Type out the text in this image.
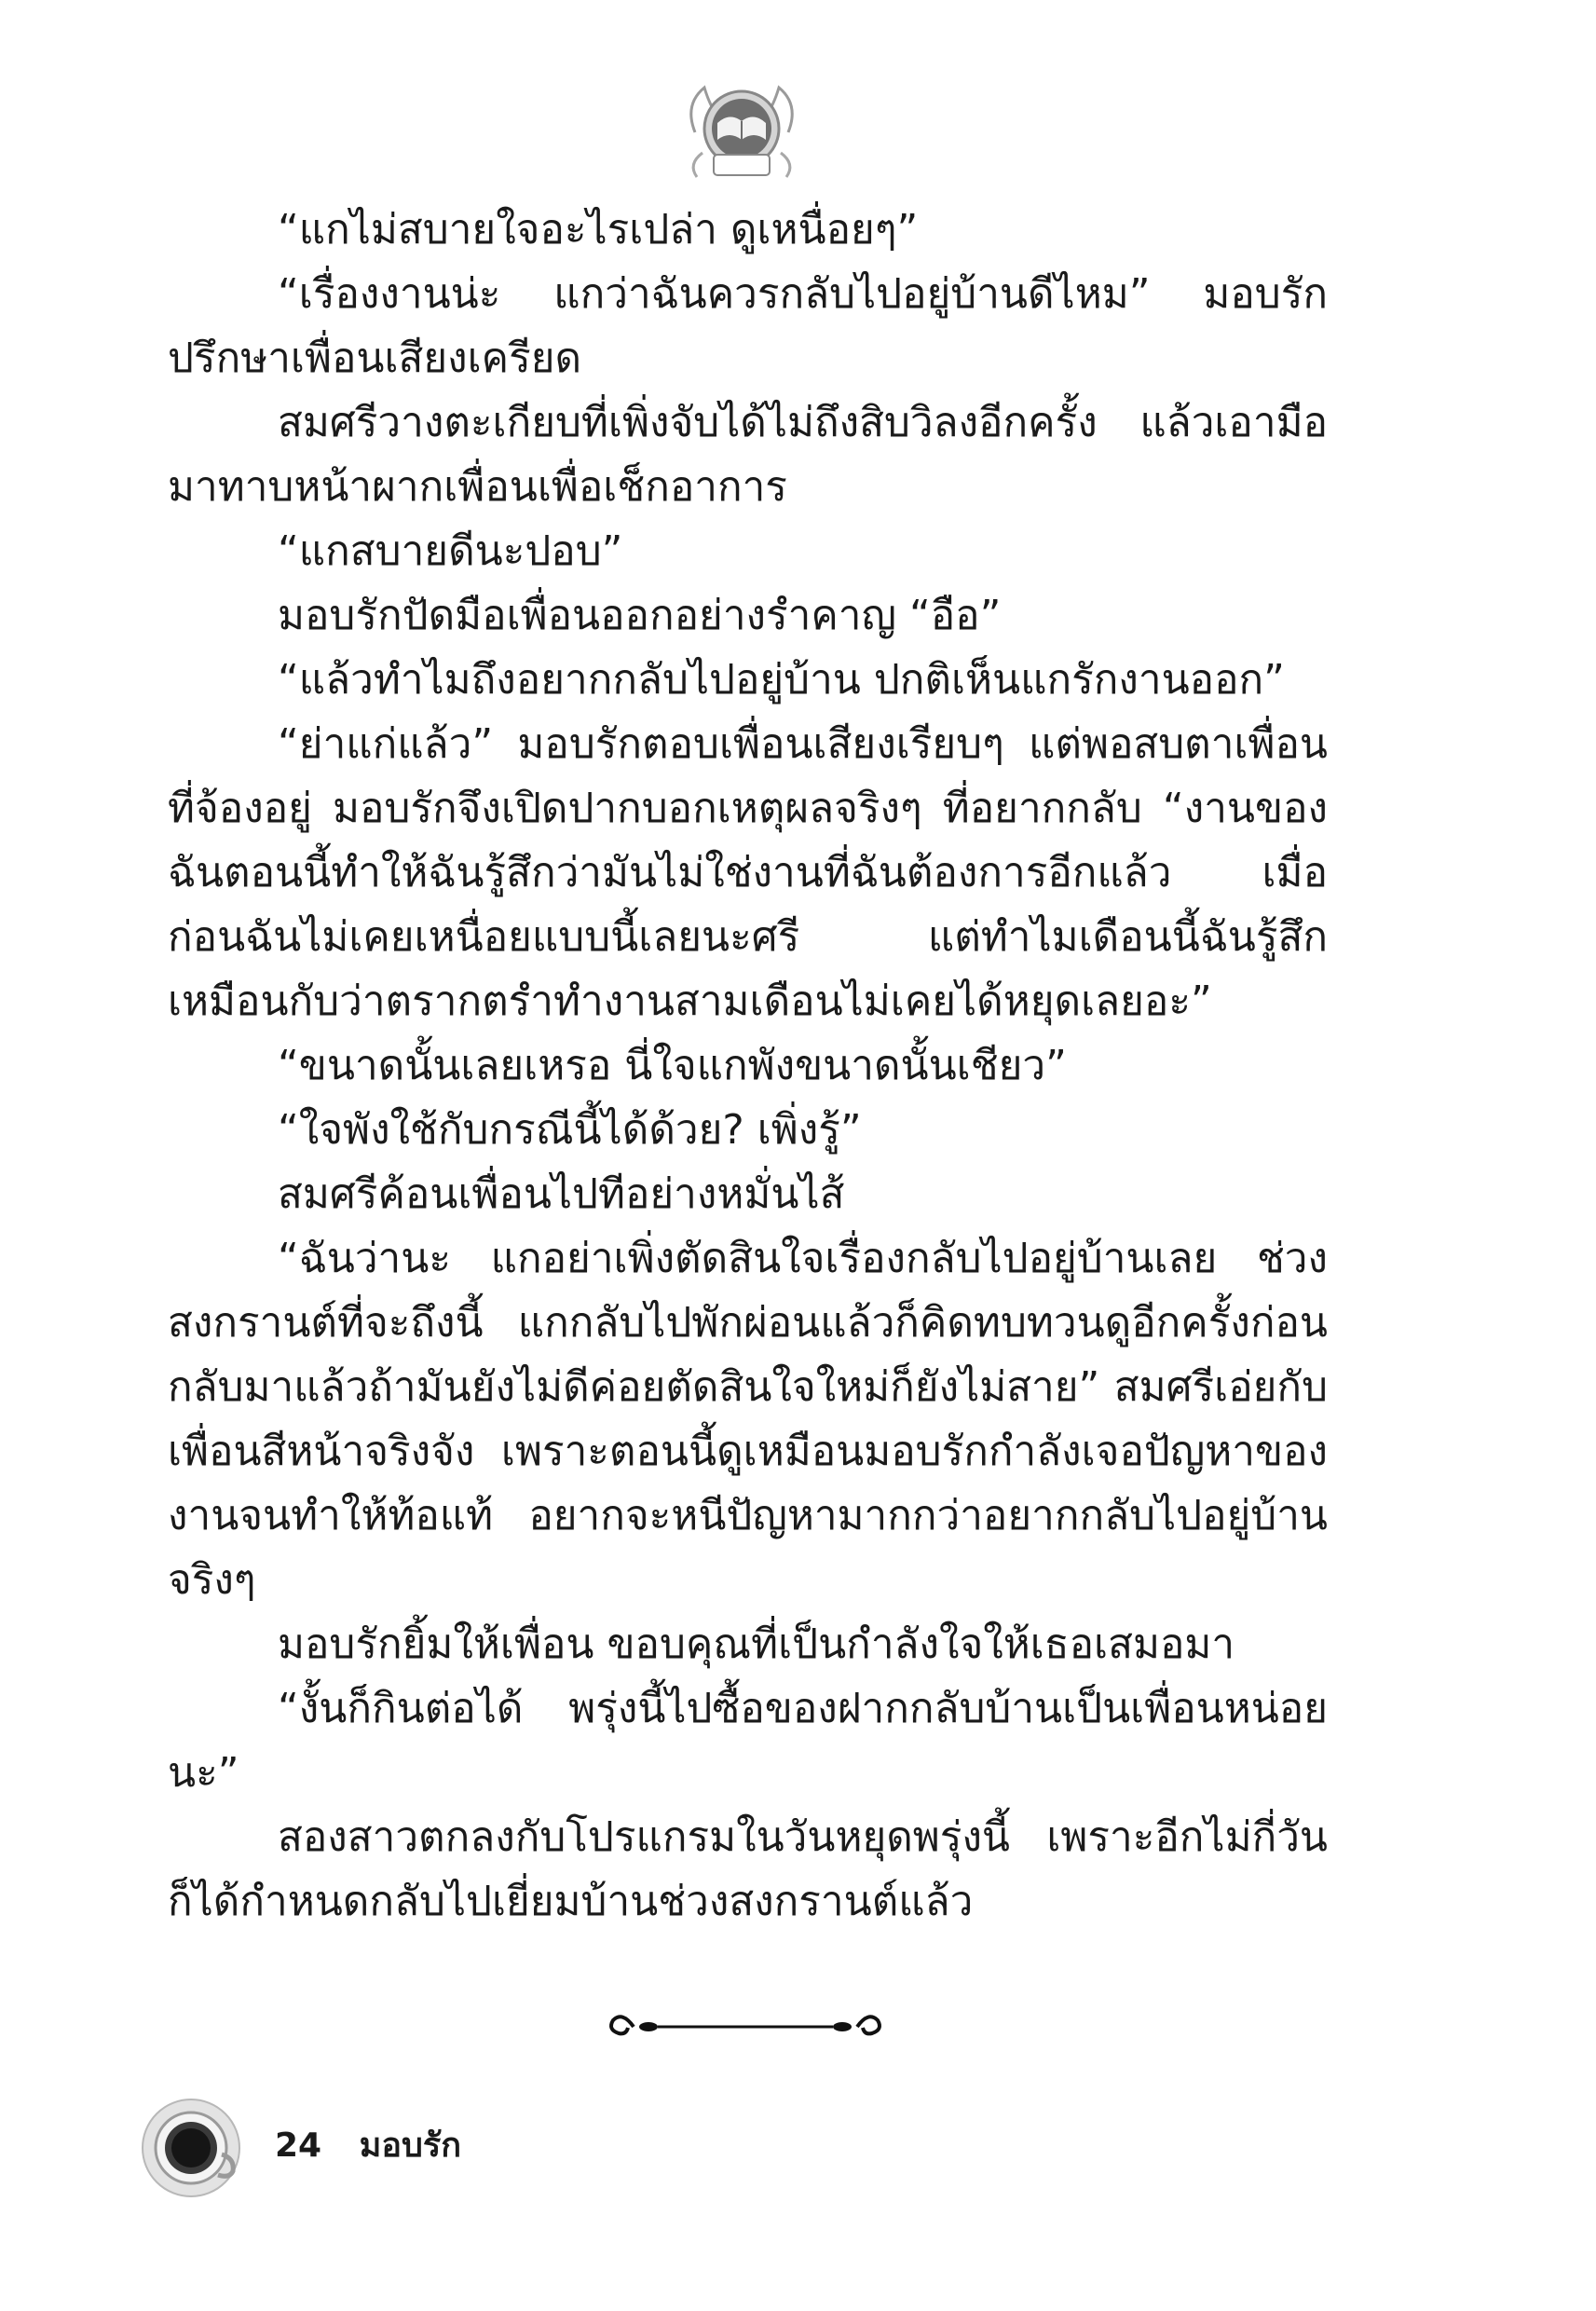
“แกไม่สบายใจอะไรเปล่า ดูเหนื่อยๆ”

“เรื่องงานน่ะ แกว่าฉันควรกลับไปอยู่บ้านดีไหม” มอบรักปรึกษาเพื่อนเสียงเครียด

สมศรีวางตะเกียบที่เพิ่งจับได้ไม่ถึงสิบวิลงอีกครั้ง แล้วเอามือมาทาบหน้าผากเพื่อนเพื่อเช็กอาการ

“แกสบายดีนะปอบ”

มอบรักปัดมือเพื่อนออกอย่างรำคาญ “อือ”

“แล้วทำไมถึงอยากกลับไปอยู่บ้าน ปกติเห็นแกรักงานออก”

“ย่าแก่แล้ว” มอบรักตอบเพื่อนเสียงเรียบๆ แต่พอสบตาเพื่อนที่จ้องอยู่ มอบรักจึงเปิดปากบอกเหตุผลจริงๆ ที่อยากกลับ “งานของฉันตอนนี้ทำให้ฉันรู้สึกว่ามันไม่ใช่งานที่ฉันต้องการอีกแล้ว เมื่อก่อนฉันไม่เคยเหนื่อยแบบนี้เลยนะศรี แต่ทำไมเดือนนี้ฉันรู้สึกเหมือนกับว่าตรากตรำทำงานสามเดือนไม่เคยได้หยุดเลยอะ”

“ขนาดนั้นเลยเหรอ นี่ใจแกพังขนาดนั้นเชียว”

“ใจพังใช้กับกรณีนี้ได้ด้วย? เพิ่งรู้”

สมศรีค้อนเพื่อนไปทีอย่างหมั่นไส้

“ฉันว่านะ แกอย่าเพิ่งตัดสินใจเรื่องกลับไปอยู่บ้านเลย ช่วงสงกรานต์ที่จะถึงนี้ แกกลับไปพักผ่อนแล้วก็คิดทบทวนดูอีกครั้งก่อน กลับมาแล้วถ้ามันยังไม่ดีค่อยตัดสินใจใหม่ก็ยังไม่สาย” สมศรีเอ่ยกับเพื่อนสีหน้าจริงจัง เพราะตอนนี้ดูเหมือนมอบรักกำลังเจอปัญหาของงานจนทำให้ท้อแท้ อยากจะหนีปัญหามากกว่าอยากกลับไปอยู่บ้านจริงๆ

มอบรักยิ้มให้เพื่อน ขอบคุณที่เป็นกำลังใจให้เธอเสมอมา

“งั้นก็กินต่อได้ พรุ่งนี้ไปซื้อของฝากกลับบ้านเป็นเพื่อนหน่อยนะ”

สองสาวตกลงกับโปรแกรมในวันหยุดพรุ่งนี้ เพราะอีกไม่กี่วันก็ได้กำหนดกลับไปเยี่ยมบ้านช่วงสงกรานต์แล้ว

24 มอบรัก
